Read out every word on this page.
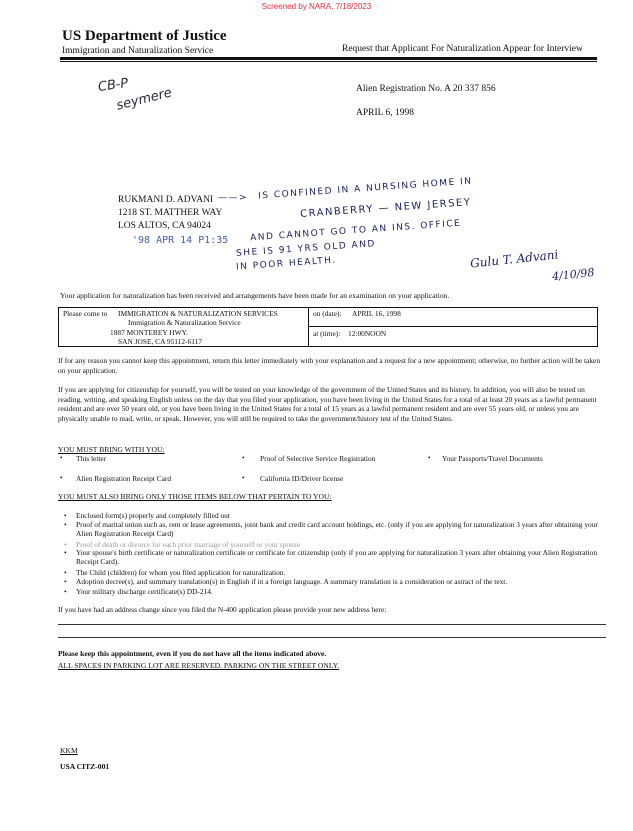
Screened by NARA, 7/18/2023
US Department of Justice
Immigration and Naturalization Service	Request that Applicant For Naturalization Appear for Interview
CB-P
seymere	Alien Registration No. A 20 337 856
APRIL 6, 1998
RUKMANI D. ADVANI
1218 ST. MATTHER WAY
LOS ALTOS, CA 94024
'98 APR 14 P1:35
——> IS CONFINED IN A NURSING HOME IN
CRANBERRY — NEW JERSEY
AND CANNOT GO TO AN INS. OFFICE
SHE IS 91 YRS OLD AND
IN POOR HEALTH.	Gulu T. Advani
4/10/98
Your application for naturalization has been received and arrangements have been made for an examination on your application.
Please come to IMMIGRATION & NATURALIZATION SERVICES
Immigration & Naturalization Service
1887 MONTEREY HWY.
SAN JOSE, CA 95112-6117
on (date): APRIL 16, 1998
at (time): 12:00NOON
If for any reason you cannot keep this appointment, return this letter immediately with your explanation and a request for a new appointment; otherwise, no further action will be taken on your application.
If you are applying for citizenship for yourself, you will be tested on your knowledge of the government of the United States and its history. In addition, you will also be tested on reading, writing, and speaking English unless on the day that you filed your application, you have been living in the United States for a total of at least 20 years as a lawful permanent resident and are over 50 years old, or you have been living in the United States for a total of 15 years as a lawful permanent resident and are over 55 years old, or unless you are physically unable to read, write, or speak. However, you will still be required to take the government/history test of the United States.
YOU MUST BRING WITH YOU:
• This letter	• Proof of Selective Service Registration	• Your Passports/Travel Documents
• Alien Registration Receipt Card	• California ID/Driver license
YOU MUST ALSO BRING ONLY THOSE ITEMS BELOW THAT PERTAIN TO YOU:
•	Enclosed form(s) properly and completely filled out
•	Proof of marital union such as, rent or lease agreements, joint bank and credit card account holdings, etc. (only if you are applying for naturalization 3 years after obtaining your Alien Registration Receipt Card)
•	Proof of death or divorce for each prior marriage of yourself or your spouse
•	Your spouse's birth certificate or naturalization certificate or certificate for citizenship (only if you are applying for naturalization 3 years after obtaining your Alien Registration Receipt Card).
•	The Child (children) for whom you filed application for naturalization.
•	Adoption decree(s), and summary translation(s) in English if in a foreign language. A summary translation is a consideration or astract of the text.
•	Your military discharge certificate(s) DD-214.
If you have had an address change since you filed the N-400 application please provide your new address here:
Please keep this appointment, even if you do not have all the items indicated above.
ALL SPACES IN PARKING LOT ARE RESERVED. PARKING ON THE STREET ONLY.
KKM
USA CITZ-001
